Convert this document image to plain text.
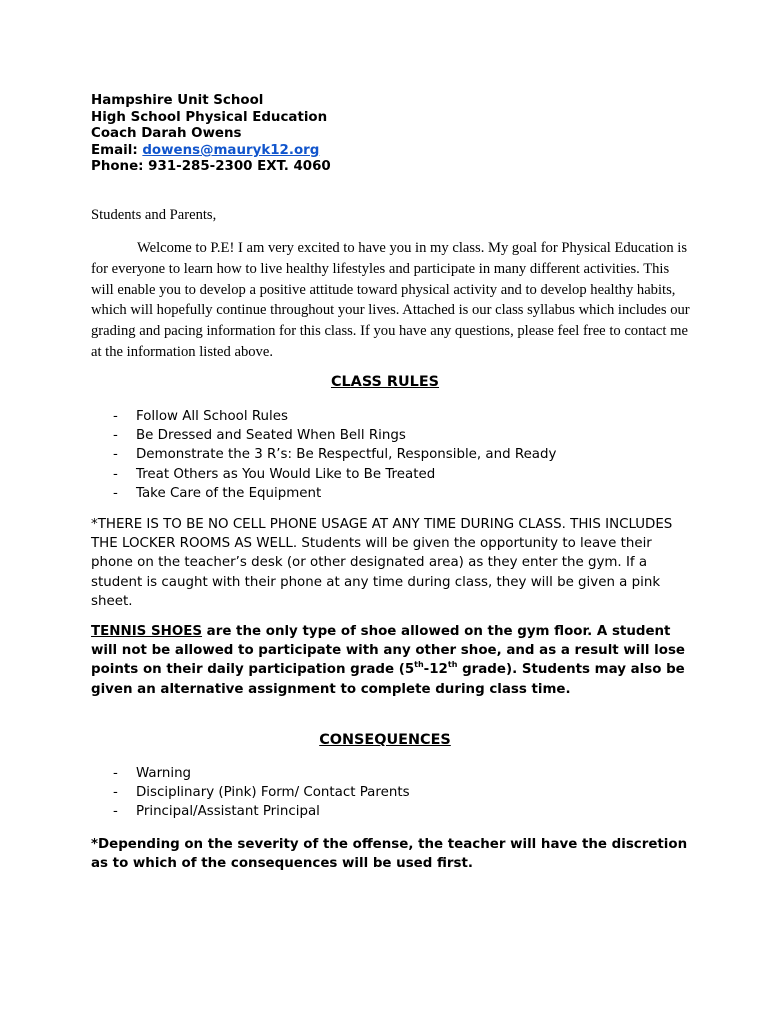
Hampshire Unit School
High School Physical Education
Coach Darah Owens
Email: dowens@mauryk12.org
Phone: 931-285-2300 EXT. 4060
Students and Parents,

Welcome to P.E! I am very excited to have you in my class. My goal for Physical Education is for everyone to learn how to live healthy lifestyles and participate in many different activities. This will enable you to develop a positive attitude toward physical activity and to develop healthy habits, which will hopefully continue throughout your lives. Attached is our class syllabus which includes our grading and pacing information for this class. If you have any questions, please feel free to contact me at the information listed above.

CLASS RULES
- Follow All School Rules
- Be Dressed and Seated When Bell Rings
- Demonstrate the 3 R’s: Be Respectful, Responsible, and Ready
- Treat Others as You Would Like to Be Treated
- Take Care of the Equipment

*THERE IS TO BE NO CELL PHONE USAGE AT ANY TIME DURING CLASS. THIS INCLUDES THE LOCKER ROOMS AS WELL. Students will be given the opportunity to leave their phone on the teacher’s desk (or other designated area) as they enter the gym. If a student is caught with their phone at any time during class, they will be given a pink sheet.

TENNIS SHOES are the only type of shoe allowed on the gym floor. A student will not be allowed to participate with any other shoe, and as a result will lose points on their daily participation grade (5th-12th grade). Students may also be given an alternative assignment to complete during class time.

CONSEQUENCES
- Warning
- Disciplinary (Pink) Form/ Contact Parents
- Principal/Assistant Principal

*Depending on the severity of the offense, the teacher will have the discretion as to which of the consequences will be used first.
